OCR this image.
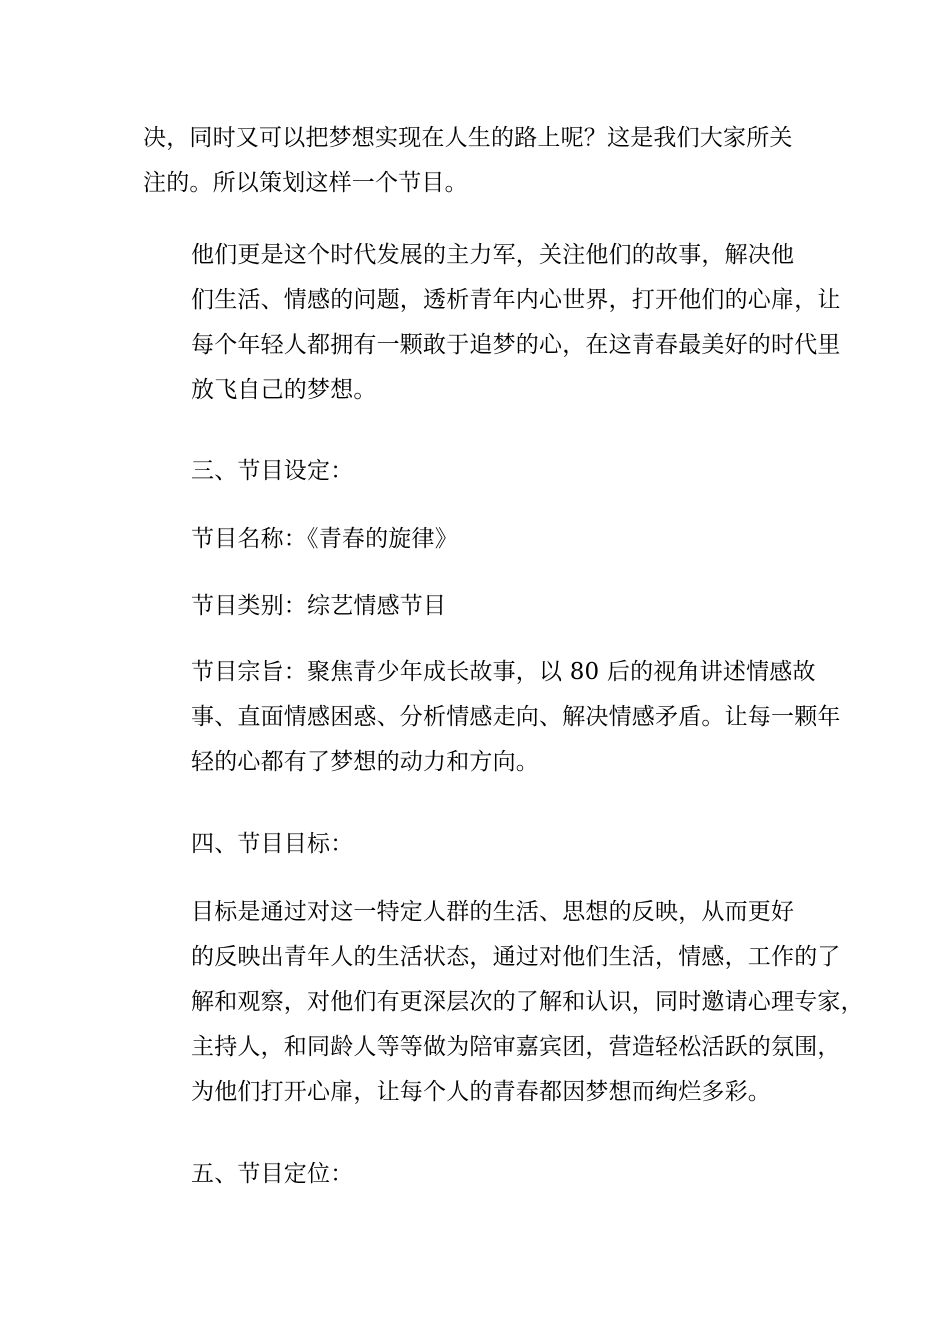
决，同时又可以把梦想实现在人生的路上呢？这是我们大家所关
注的。所以策划这样一个节目。

他们更是这个时代发展的主力军，关注他们的故事，解决他
们生活、情感的问题，透析青年内心世界，打开他们的心扉，让
每个年轻人都拥有一颗敢于追梦的心，在这青春最美好的时代里
放飞自己的梦想。

三、节目设定：

节目名称：《青春的旋律》

节目类别：综艺情感节目

节目宗旨：聚焦青少年成长故事，以 80 后的视角讲述情感故
事、直面情感困惑、分析情感走向、解决情感矛盾。让每一颗年
轻的心都有了梦想的动力和方向。

四、节目目标：

目标是通过对这一特定人群的生活、思想的反映，从而更好
的反映出青年人的生活状态，通过对他们生活，情感，工作的了
解和观察，对他们有更深层次的了解和认识，同时邀请心理专家，
主持人，和同龄人等等做为陪审嘉宾团，营造轻松活跃的氛围，
为他们打开心扉，让每个人的青春都因梦想而绚烂多彩。

五、节目定位：
